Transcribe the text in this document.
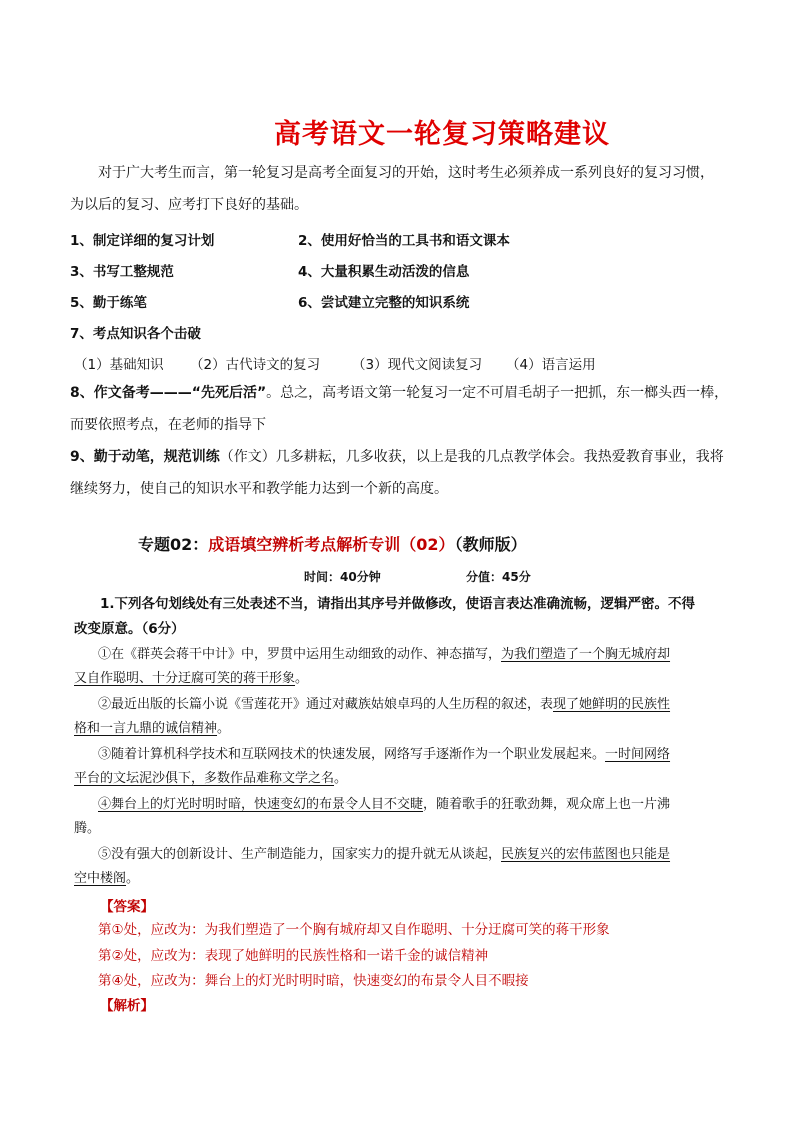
高考语文一轮复习策略建议
对于广大考生而言，第一轮复习是高考全面复习的开始，这时考生必须养成一系列良好的复习习惯，
为以后的复习、应考打下良好的基础。
1、制定详细的复习计划	2、使用好恰当的工具书和语文课本
3、书写工整规范	4、大量积累生动活泼的信息
5、勤于练笔	6、尝试建立完整的知识系统
7、考点知识各个击破
（1）基础知识 （2）古代诗文的复习 （3）现代文阅读复习 （4）语言运用
8、作文备考———“先死后活”。总之，高考语文第一轮复习一定不可眉毛胡子一把抓，东一榔头西一棒，
而要依照考点，在老师的指导下
9、勤于动笔，规范训练（作文）几多耕耘，几多收获，以上是我的几点教学体会。我热爱教育事业，我将
继续努力，使自己的知识水平和教学能力达到一个新的高度。
专题02：成语填空辨析考点解析专训（02）（教师版）
时间：40分钟	分值：45分
1.下列各句划线处有三处表述不当，请指出其序号并做修改，使语言表达准确流畅，逻辑严密。不得
改变原意。（6分）
①在《群英会蒋干中计》中，罗贯中运用生动细致的动作、神态描写，为我们塑造了一个胸无城府却
又自作聪明、十分迂腐可笑的蒋干形象。
②最近出版的长篇小说《雪莲花开》通过对藏族姑娘卓玛的人生历程的叙述，表现了她鲜明的民族性
格和一言九鼎的诚信精神。
③随着计算机科学技术和互联网技术的快速发展，网络写手逐渐作为一个职业发展起来。一时间网络
平台的文坛泥沙俱下，多数作品难称文学之名。
④舞台上的灯光时明时暗，快速变幻的布景令人目不交睫，随着歌手的狂歌劲舞，观众席上也一片沸
腾。
⑤没有强大的创新设计、生产制造能力，国家实力的提升就无从谈起，民族复兴的宏伟蓝图也只能是
空中楼阁。
【答案】
第①处，应改为：为我们塑造了一个胸有城府却又自作聪明、十分迂腐可笑的蒋干形象
第②处，应改为：表现了她鲜明的民族性格和一诺千金的诚信精神
第④处，应改为：舞台上的灯光时明时暗，快速变幻的布景令人目不暇接
【解析】
